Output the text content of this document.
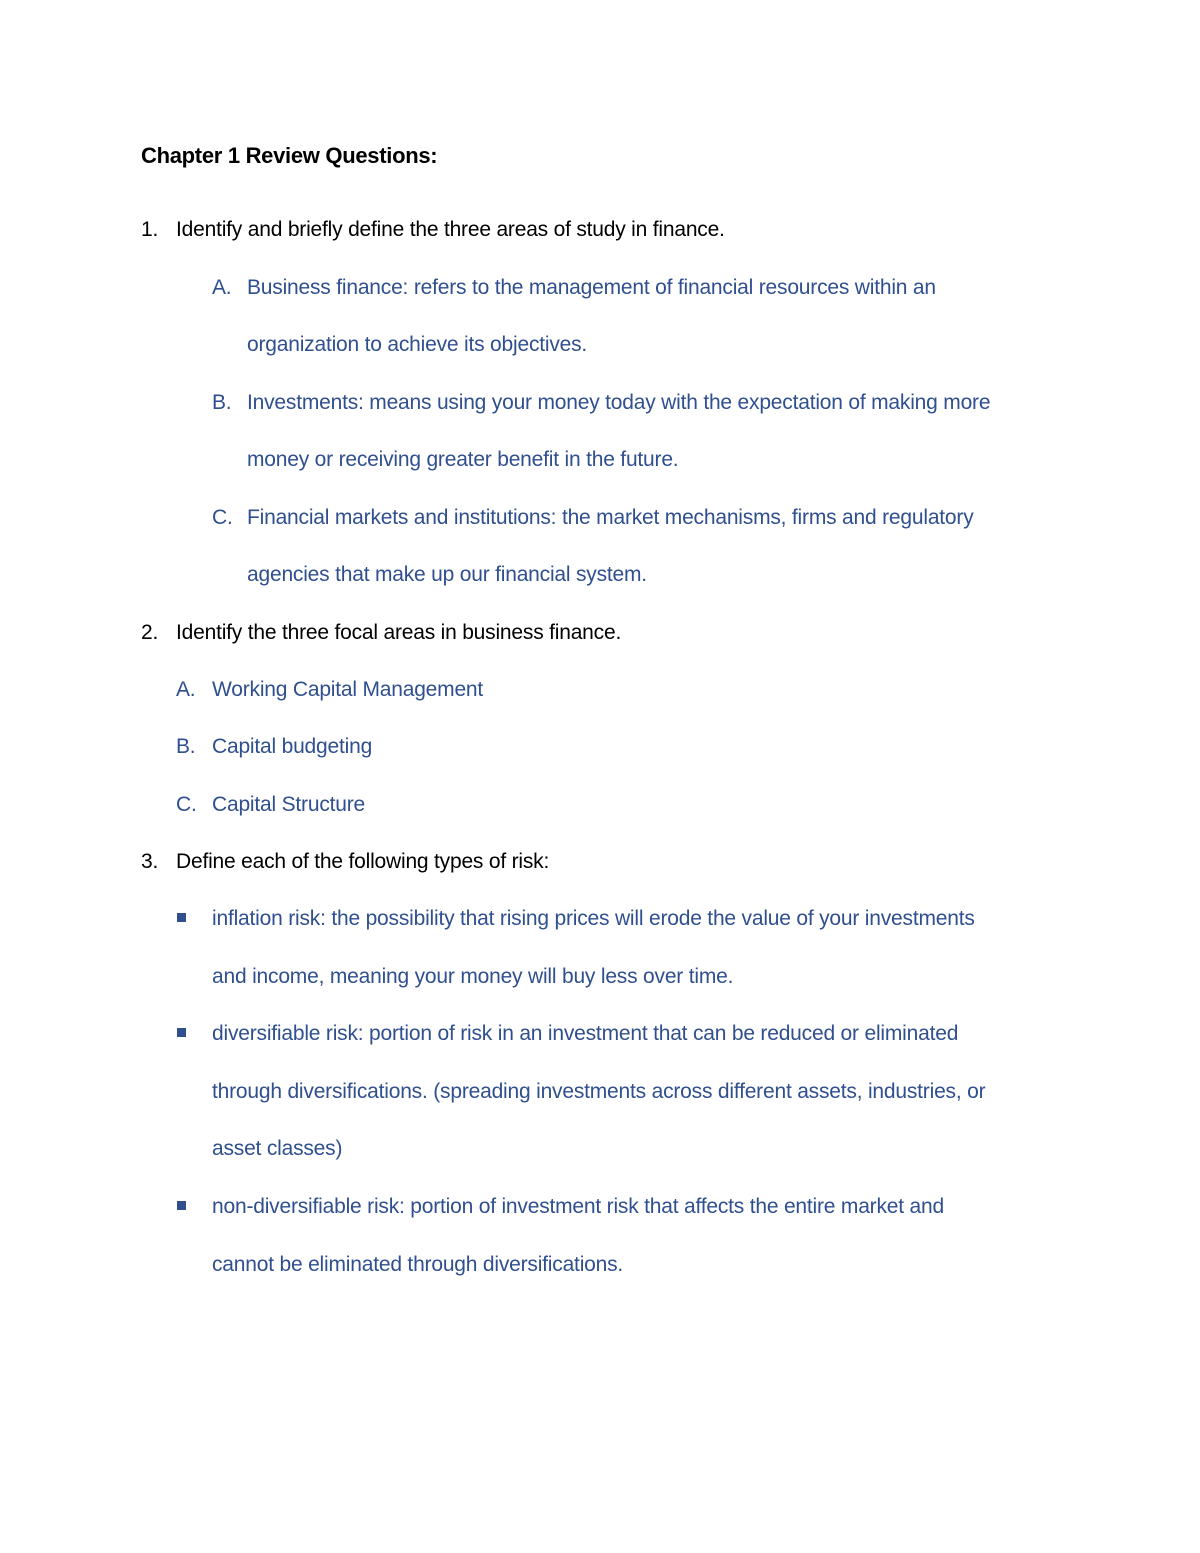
Chapter 1 Review Questions:
1. Identify and briefly define the three areas of study in finance.
A. Business finance: refers to the management of financial resources within an
organization to achieve its objectives.
B. Investments: means using your money today with the expectation of making more
money or receiving greater benefit in the future.
C. Financial markets and institutions: the market mechanisms, firms and regulatory
agencies that make up our financial system.
2. Identify the three focal areas in business finance.
A. Working Capital Management
B. Capital budgeting
C. Capital Structure
3. Define each of the following types of risk:
inflation risk: the possibility that rising prices will erode the value of your investments
and income, meaning your money will buy less over time.
diversifiable risk: portion of risk in an investment that can be reduced or eliminated
through diversifications. (spreading investments across different assets, industries, or
asset classes)
non-diversifiable risk: portion of investment risk that affects the entire market and
cannot be eliminated through diversifications.
